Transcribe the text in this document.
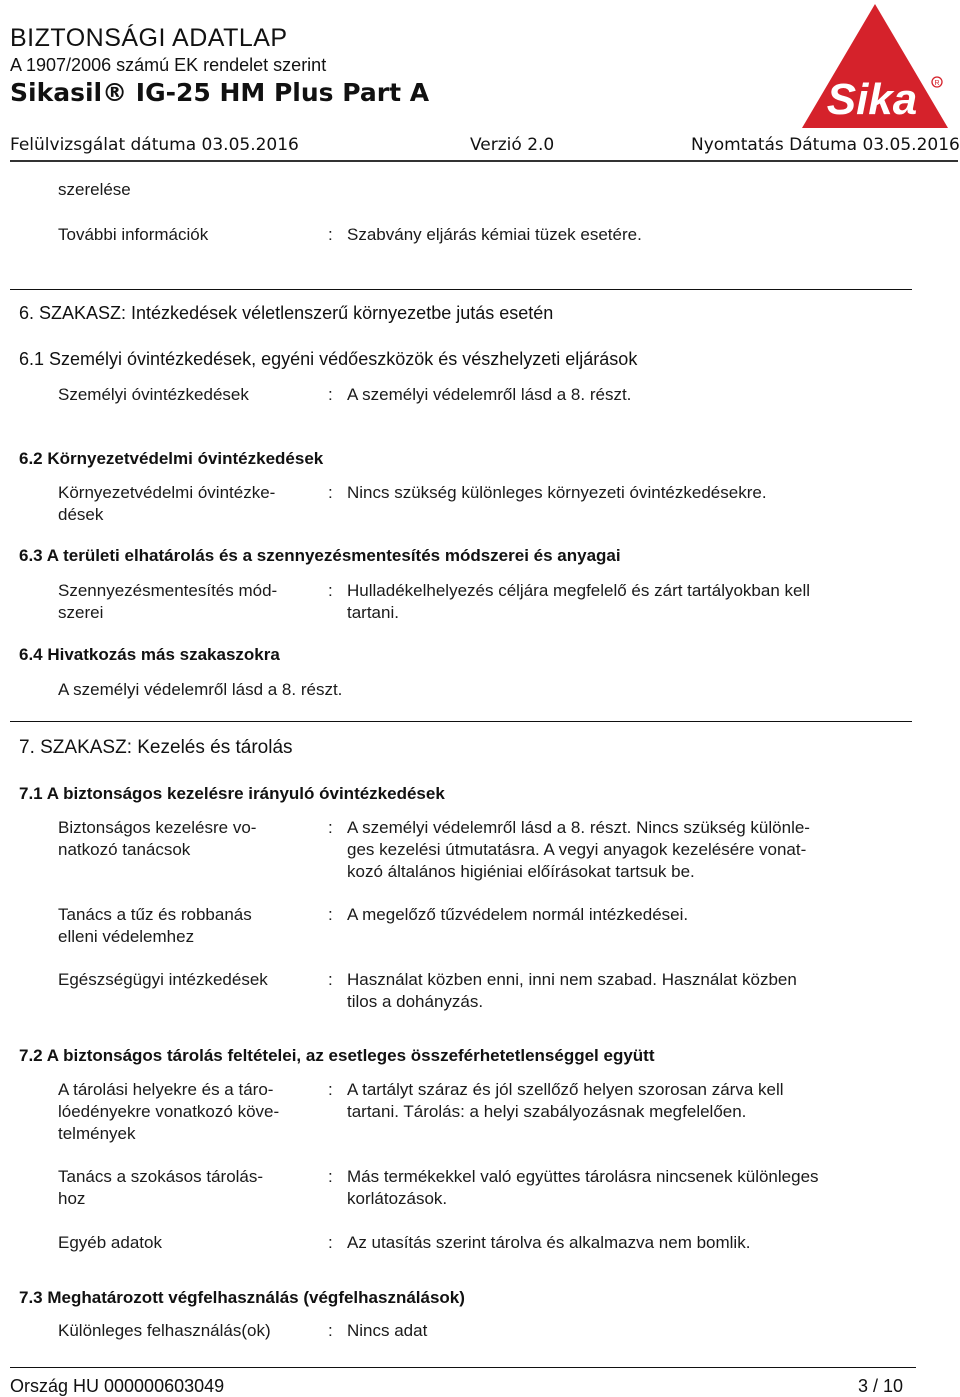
BIZTONSÁGI ADATLAP
A 1907/2006 számú EK rendelet szerint
Sikasil® IG-25 HM Plus Part A	Sika R
Felülvizsgálat dátuma 03.05.2016	Verzió 2.0	Nyomtatás Dátuma 03.05.2016
szerelése
További információk	: Szabvány eljárás kémiai tüzek esetére.
6. SZAKASZ: Intézkedések véletlenszerű környezetbe jutás esetén
6.1 Személyi óvintézkedések, egyéni védőeszközök és vészhelyzeti eljárások
Személyi óvintézkedések	: A személyi védelemről lásd a 8. részt.
6.2 Környezetvédelmi óvintézkedések
Környezetvédelmi óvintézke-
dések
: Nincs szükség különleges környezeti óvintézkedésekre.
6.3 A területi elhatárolás és a szennyezésmentesítés módszerei és anyagai
Szennyezésmentesítés mód-
szerei
: Hulladékelhelyezés céljára megfelelő és zárt tartályokban kell
tartani.
6.4 Hivatkozás más szakaszokra
A személyi védelemről lásd a 8. részt.
7. SZAKASZ: Kezelés és tárolás
7.1 A biztonságos kezelésre irányuló óvintézkedések
Biztonságos kezelésre vo-
natkozó tanácsok
: A személyi védelemről lásd a 8. részt. Nincs szükség különle-
ges kezelési útmutatásra. A vegyi anyagok kezelésére vonat-
kozó általános higiéniai előírásokat tartsuk be.
Tanács a tűz és robbanás
elleni védelemhez
: A megelőző tűzvédelem normál intézkedései.
Egészségügyi intézkedések	: Használat közben enni, inni nem szabad. Használat közben
tilos a dohányzás.
7.2 A biztonságos tárolás feltételei, az esetleges összeférhetetlenséggel együtt
A tárolási helyekre és a táro-
lóedényekre vonatkozó köve-
telmények
: A tartályt száraz és jól szellőző helyen szorosan zárva kell
tartani. Tárolás: a helyi szabályozásnak megfelelően.
Tanács a szokásos tárolás-
hoz
: Más termékekkel való együttes tárolásra nincsenek különleges
korlátozások.
Egyéb adatok	: Az utasítás szerint tárolva és alkalmazva nem bomlik.
7.3 Meghatározott végfelhasználás (végfelhasználások)
Különleges felhasználás(ok)	: Nincs adat
Ország HU 000000603049	3 / 10
